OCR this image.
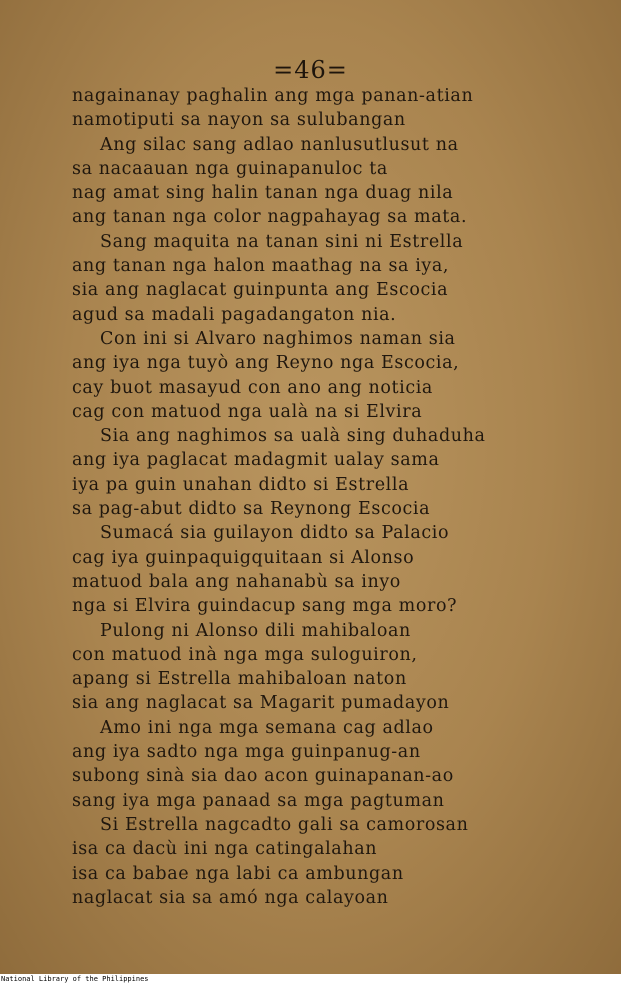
=46=
nagainanay paghalin ang mga panan-atian
namotiputi sa nayon sa sulubangan
Ang silac sang adlao nanlusutlusut na
sa nacaauan nga guinapanuloc ta
nag amat sing halin tanan nga duag nila
ang tanan nga color nagpahayag sa mata.
Sang maquita na tanan sini ni Estrella
ang tanan nga halon maathag na sa iya,
sia ang naglacat guinpunta ang Escocia
agud sa madali pagadangaton nia.
Con ini si Alvaro naghimos naman sia
ang iya nga tuyò ang Reyno nga Escocia,
cay buot masayud con ano ang noticia
cag con matuod nga ualà na si Elvira
Sia ang naghimos sa ualà sing duhaduha
ang iya paglacat madagmit ualay sama
iya pa guin unahan didto si Estrella
sa pag-abut didto sa Reynong Escocia
Sumacá sia guilayon didto sa Palacio
cag iya guinpaquigquitaan si Alonso
matuod bala ang nahanabù sa inyo
nga si Elvira guindacup sang mga moro?
Pulong ni Alonso dili mahibaloan
con matuod inà nga mga suloguiron,
apang si Estrella mahibaloan naton
sia ang naglacat sa Magarit pumadayon
Amo ini nga mga semana cag adlao
ang iya sadto nga mga guinpanug-an
subong sinà sia dao acon guinapanan-ao
sang iya mga panaad sa mga pagtuman
Si Estrella nagcadto gali sa camorosan
isa ca dacù ini nga catingalahan
isa ca babae nga labi ca ambungan
naglacat sia sa amó nga calayoan
National Library of the Philippines
